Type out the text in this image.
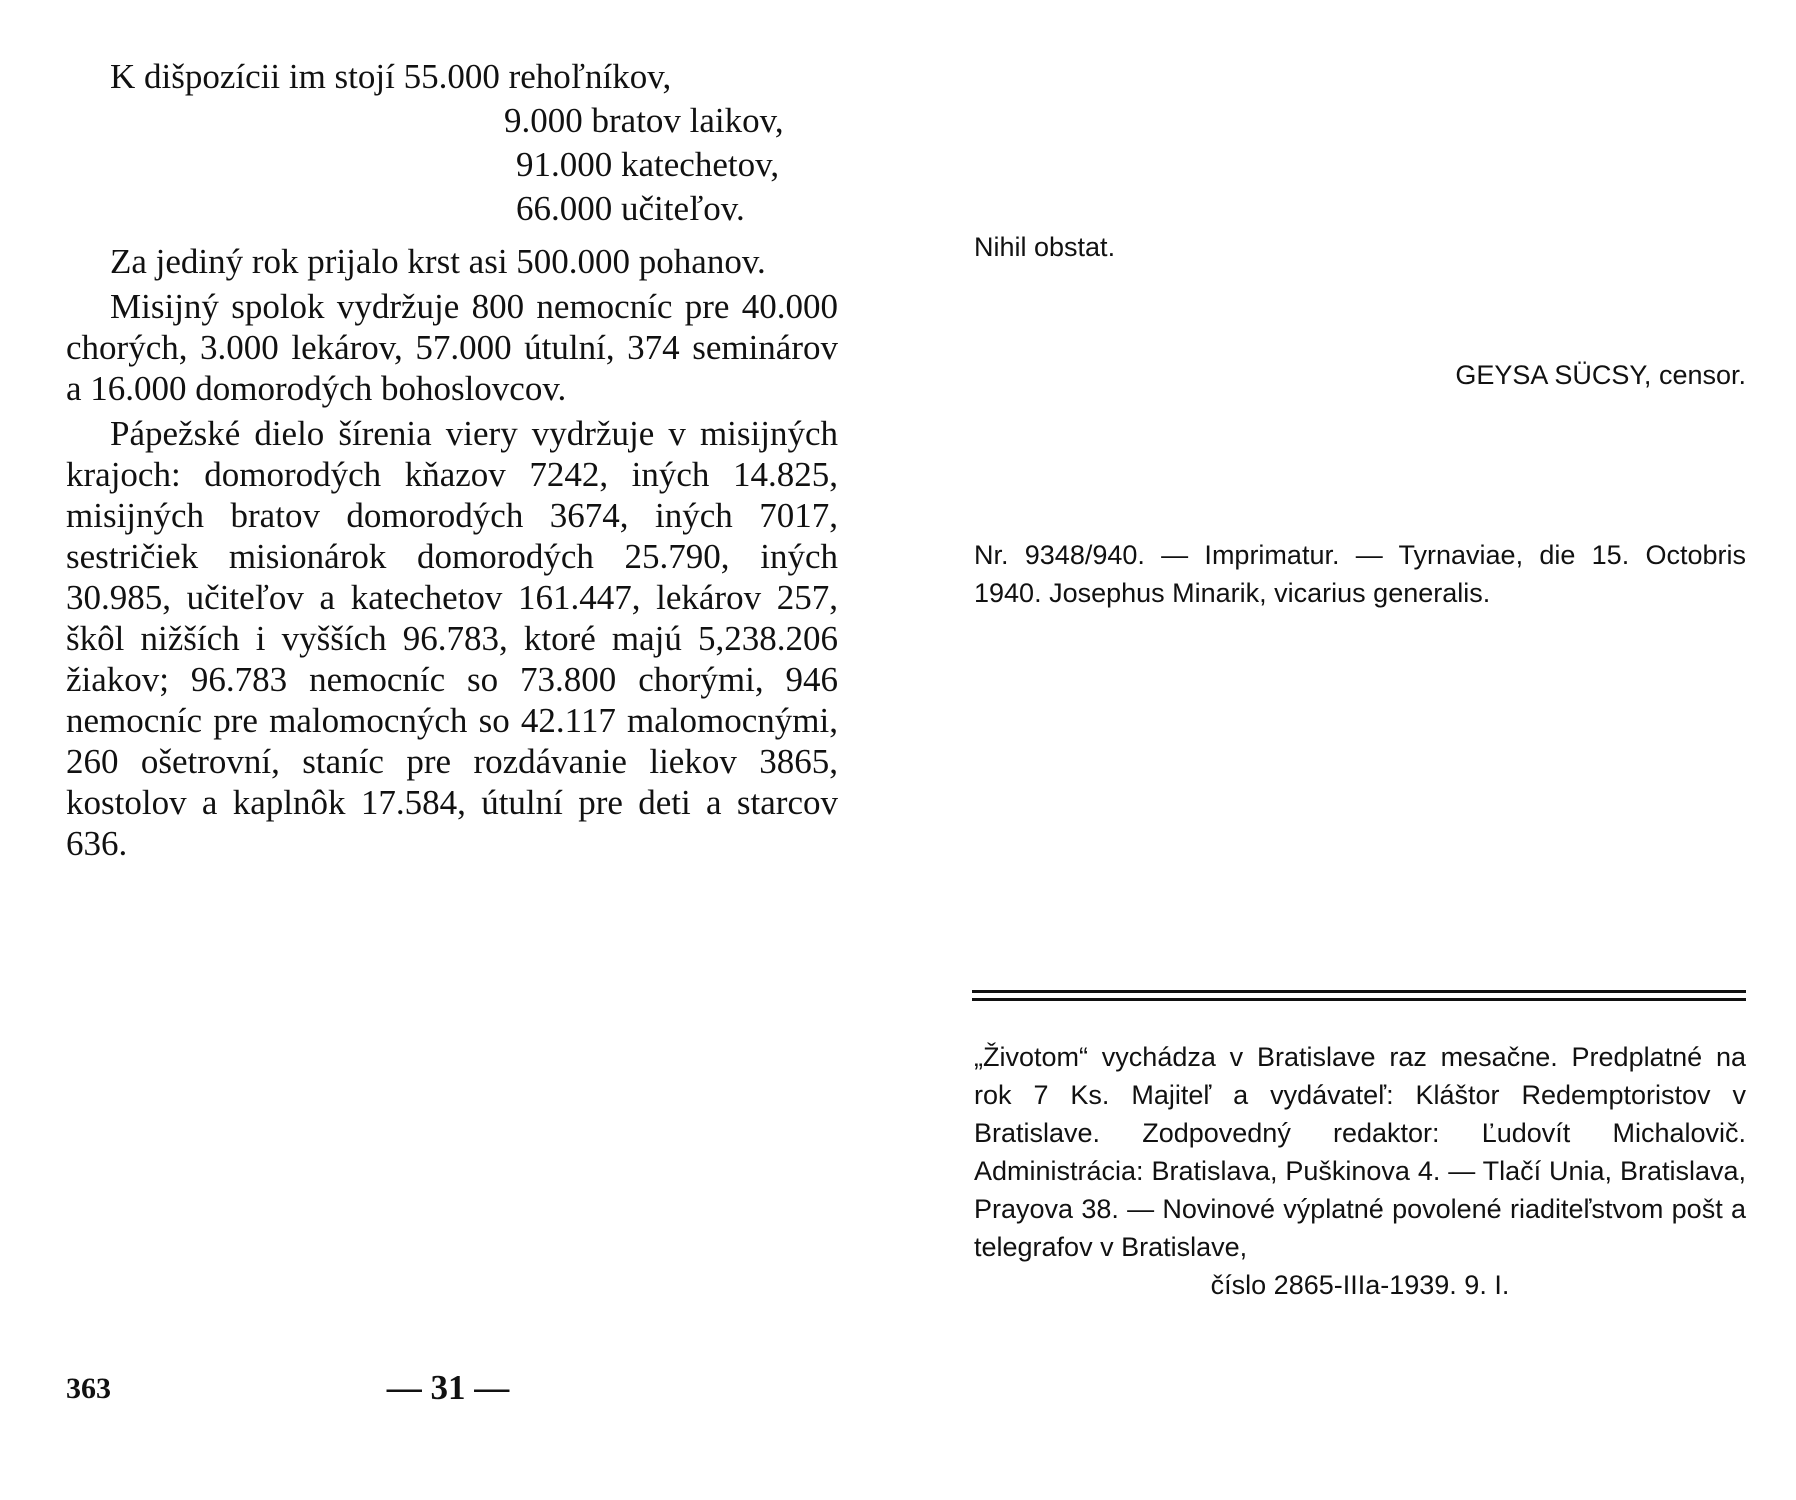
K dišpozícii im stojí 55.000 rehoľníkov,

9.000 bratov laikov,

91.000 katechetov,

66.000 učiteľov.

Za jediný rok prijalo krst asi 500.000 pohanov.

Misijný spolok vydržuje 800 nemocníc pre 40.000 chorých, 3.000 lekárov, 57.000 útulní, 374 seminárov a 16.000 domorodých bohoslovcov.

Pápežské dielo šírenia viery vydržuje v misijných krajoch: domorodých kňazov 7242, iných 14.825, misijných bratov domorodých 3674, iných 7017, sestričiek misionárok domorodých 25.790, iných 30.985, učiteľov a katechetov 161.447, lekárov 257, škôl nižších i vyšších 96.783, ktoré majú 5,238.206 žiakov; 96.783 nemocníc so 73.800 chorými, 946 nemocníc pre malomocných so 42.117 malomocnými, 260 ošetrovní, staníc pre rozdávanie liekov 3865, kostolov a kaplnôk 17.584, útulní pre deti a starcov 636.

363	— 31 —
Nihil obstat.
GEYSA SÜCSY, censor.
Nr. 9348/940. — Imprimatur. — Tyrnaviae, die 15. Octobris 1940. Josephus Minarik, vicarius generalis.
„Životom“ vychádza v Bratislave raz mesačne. Predplatné na rok 7 Ks. Majiteľ a vydávateľ: Kláštor Redemptoristov v Bratislave. Zodpovedný redaktor: Ľudovít Michalovič. Administrácia: Bratislava, Puškinova 4. — Tlačí Unia, Bratislava, Prayova 38. — Novinové výplatné povolené riaditeľstvom pošt a telegrafov v Bratislave,
číslo 2865-IIIa-1939. 9. I.
